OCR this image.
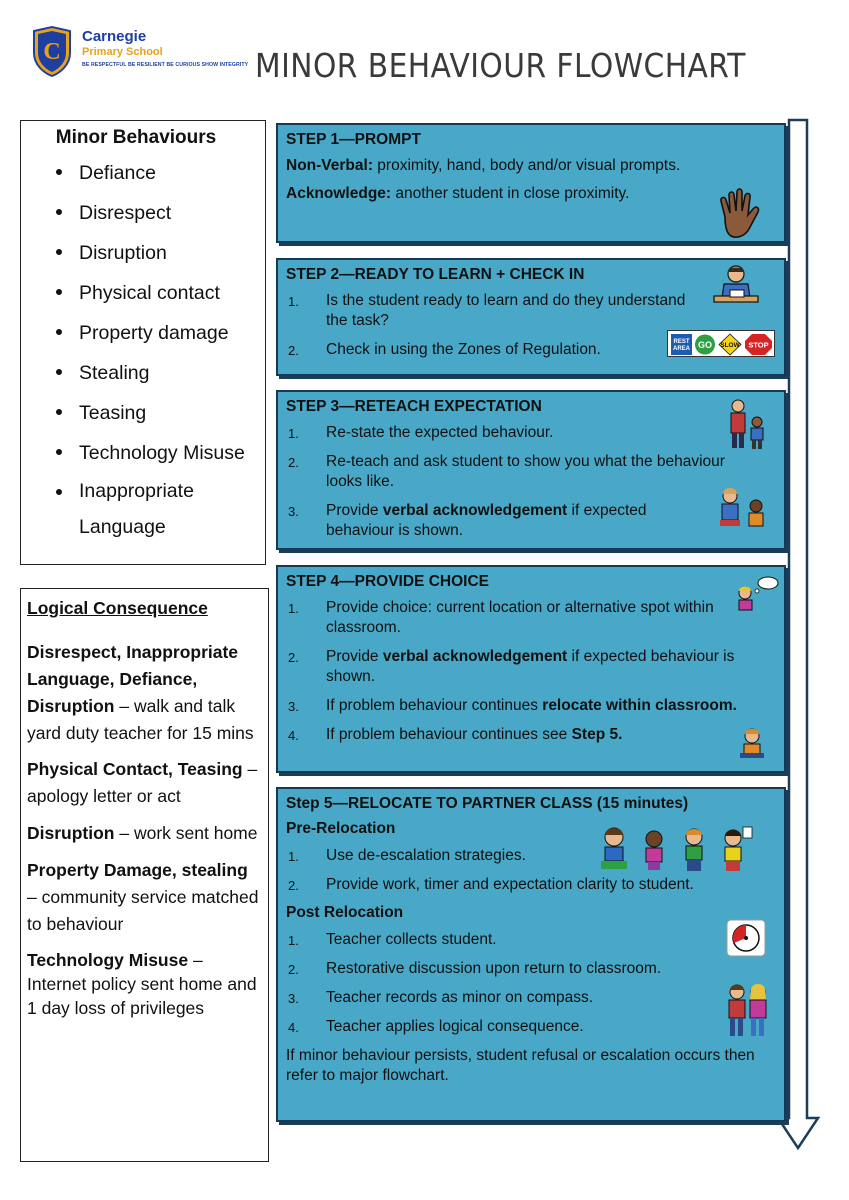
C
Carnegie
Primary School
BE RESPECTFUL BE RESILIENT BE CURIOUS SHOW INTEGRITY MINOR BEHAVIOUR FLOWCHART
Minor Behaviours
Defiance
Disrespect
Disruption
Physical contact
Property damage
Stealing
Teasing
Technology Misuse
Inappropriate
Language
Logical Consequence
Disrespect, Inappropriate Language, Defiance, Disruption – walk and talk yard duty teacher for 15 mins
Physical Contact, Teasing – apology letter or act
Disruption – work sent home
Property Damage, stealing – community service matched to behaviour
Technology Misuse – Internet policy sent home and 1 day loss of privileges
STEP 1—PROMPT

Non-Verbal: proximity, hand, body and/or visual prompts.

Acknowledge: another student in close proximity.

STEP 2—READY TO LEARN + CHECK IN
1. Is the student ready to learn and do they understand the task?
2. Check in using the Zones of Regulation.	REST
AREA GO SLOW STOP
STEP 3—RETEACH EXPECTATION
1. Re-state the expected behaviour.
2. Re-teach and ask student to show you what the behaviour looks like.
3. Provide verbal acknowledgement if expected behaviour is shown.
STEP 4—PROVIDE CHOICE
1. Provide choice: current location or alternative spot within classroom.
2. Provide verbal acknowledgement if expected behaviour is shown.
3. If problem behaviour continues relocate within classroom.
4. If problem behaviour continues see Step 5.
Step 5—RELOCATE TO PARTNER CLASS (15 minutes)
Pre-Relocation
1. Use de-escalation strategies.
2. Provide work, timer and expectation clarity to student.
Post Relocation
1. Teacher collects student.
2. Restorative discussion upon return to classroom.
3. Teacher records as minor on compass.
4. Teacher applies logical consequence.

If minor behaviour persists, student refusal or escalation occurs then refer to major flowchart.
